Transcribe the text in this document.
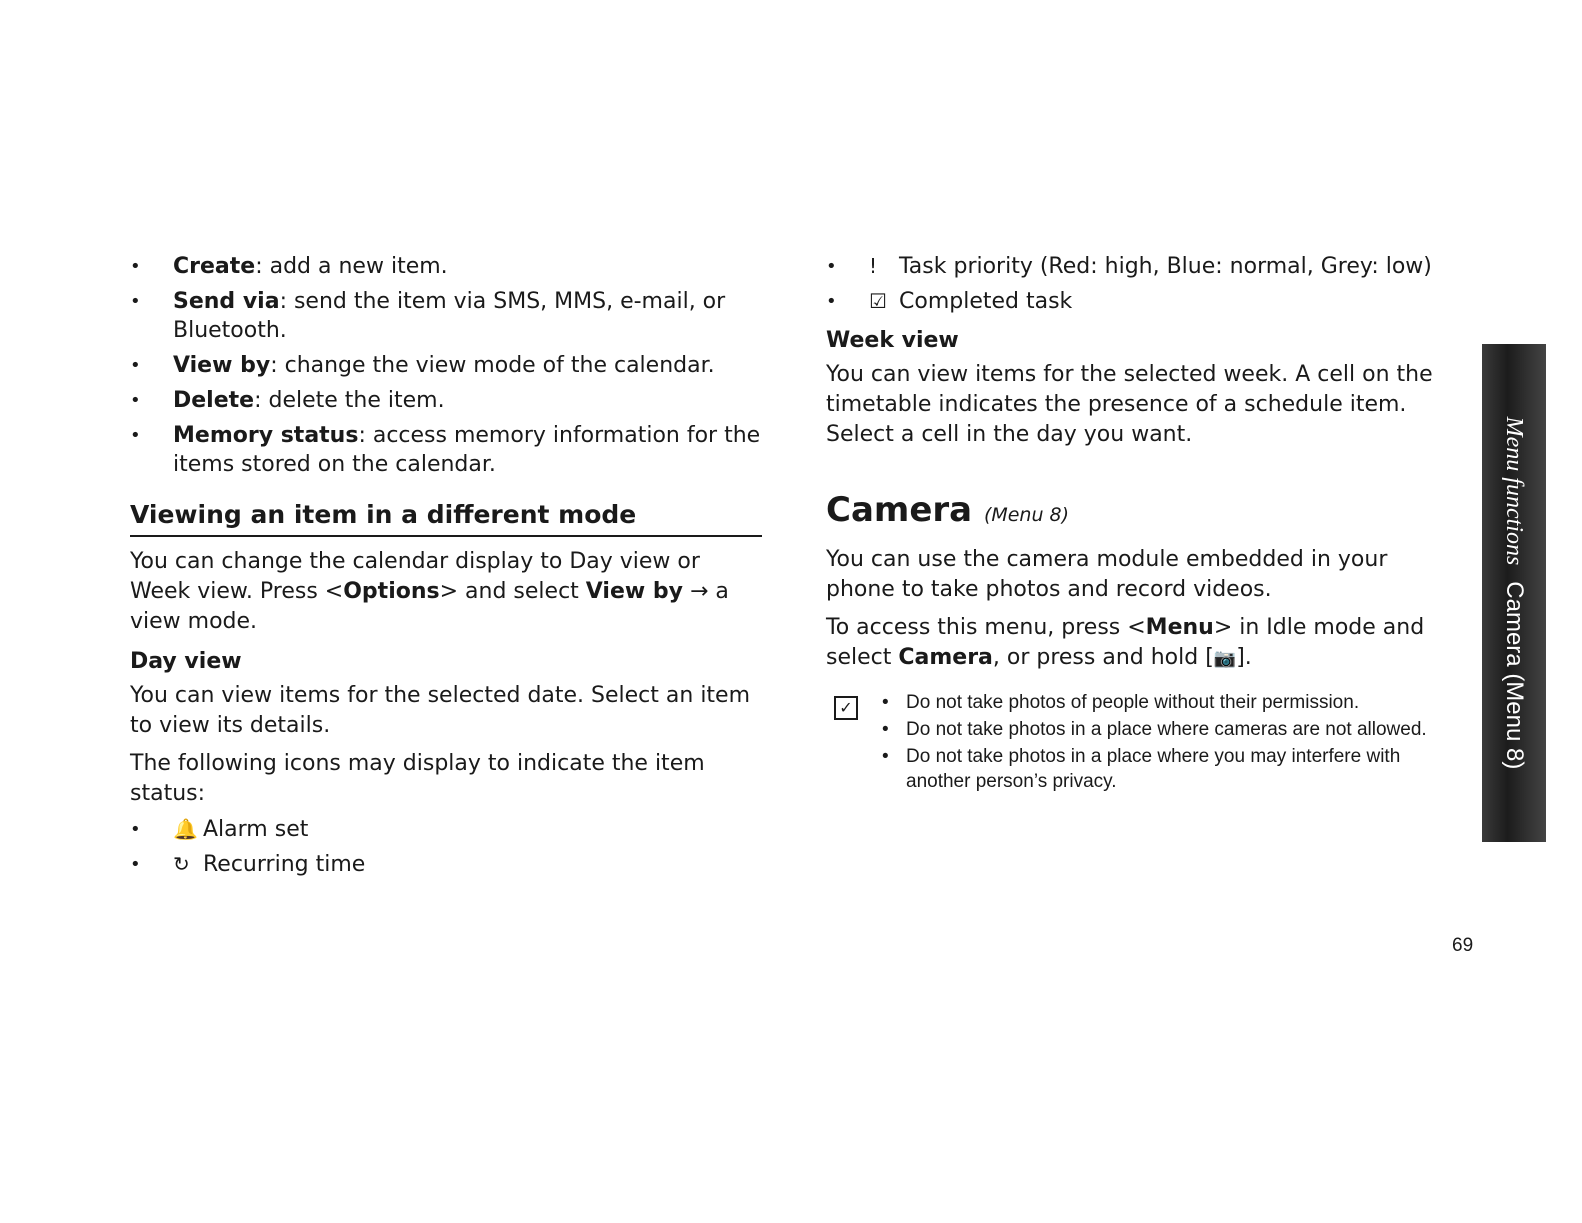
• Create: add a new item.
• Send via: send the item via SMS, MMS, e-mail, or Bluetooth.
• View by: change the view mode of the calendar.
• Delete: delete the item.
• Memory status: access memory information for the items stored on the calendar.
Viewing an item in a different mode

You can change the calendar display to Day view or Week view. Press <Options> and select View by → a view mode.

Day view

You can view items for the selected date. Select an item to view its details.

The following icons may display to indicate the item status:

• 🔔 Alarm set
• ↻ Recurring time
• ! Task priority (Red: high, Blue: normal, Grey: low)
• ☑ Completed task
Week view

You can view items for the selected week. A cell on the timetable indicates the presence of a schedule item. Select a cell in the day you want.

Camera (Menu 8)

You can use the camera module embedded in your phone to take photos and record videos.

To access this menu, press <Menu> in Idle mode and select Camera, or press and hold [📷].

✓
•	Do not take photos of people without their permission.
• Do not take photos in a place where cameras are not allowed.
• Do not take photos in a place where you may interfere with another person’s privacy.
Menu functionsCamera (Menu 8)
69
